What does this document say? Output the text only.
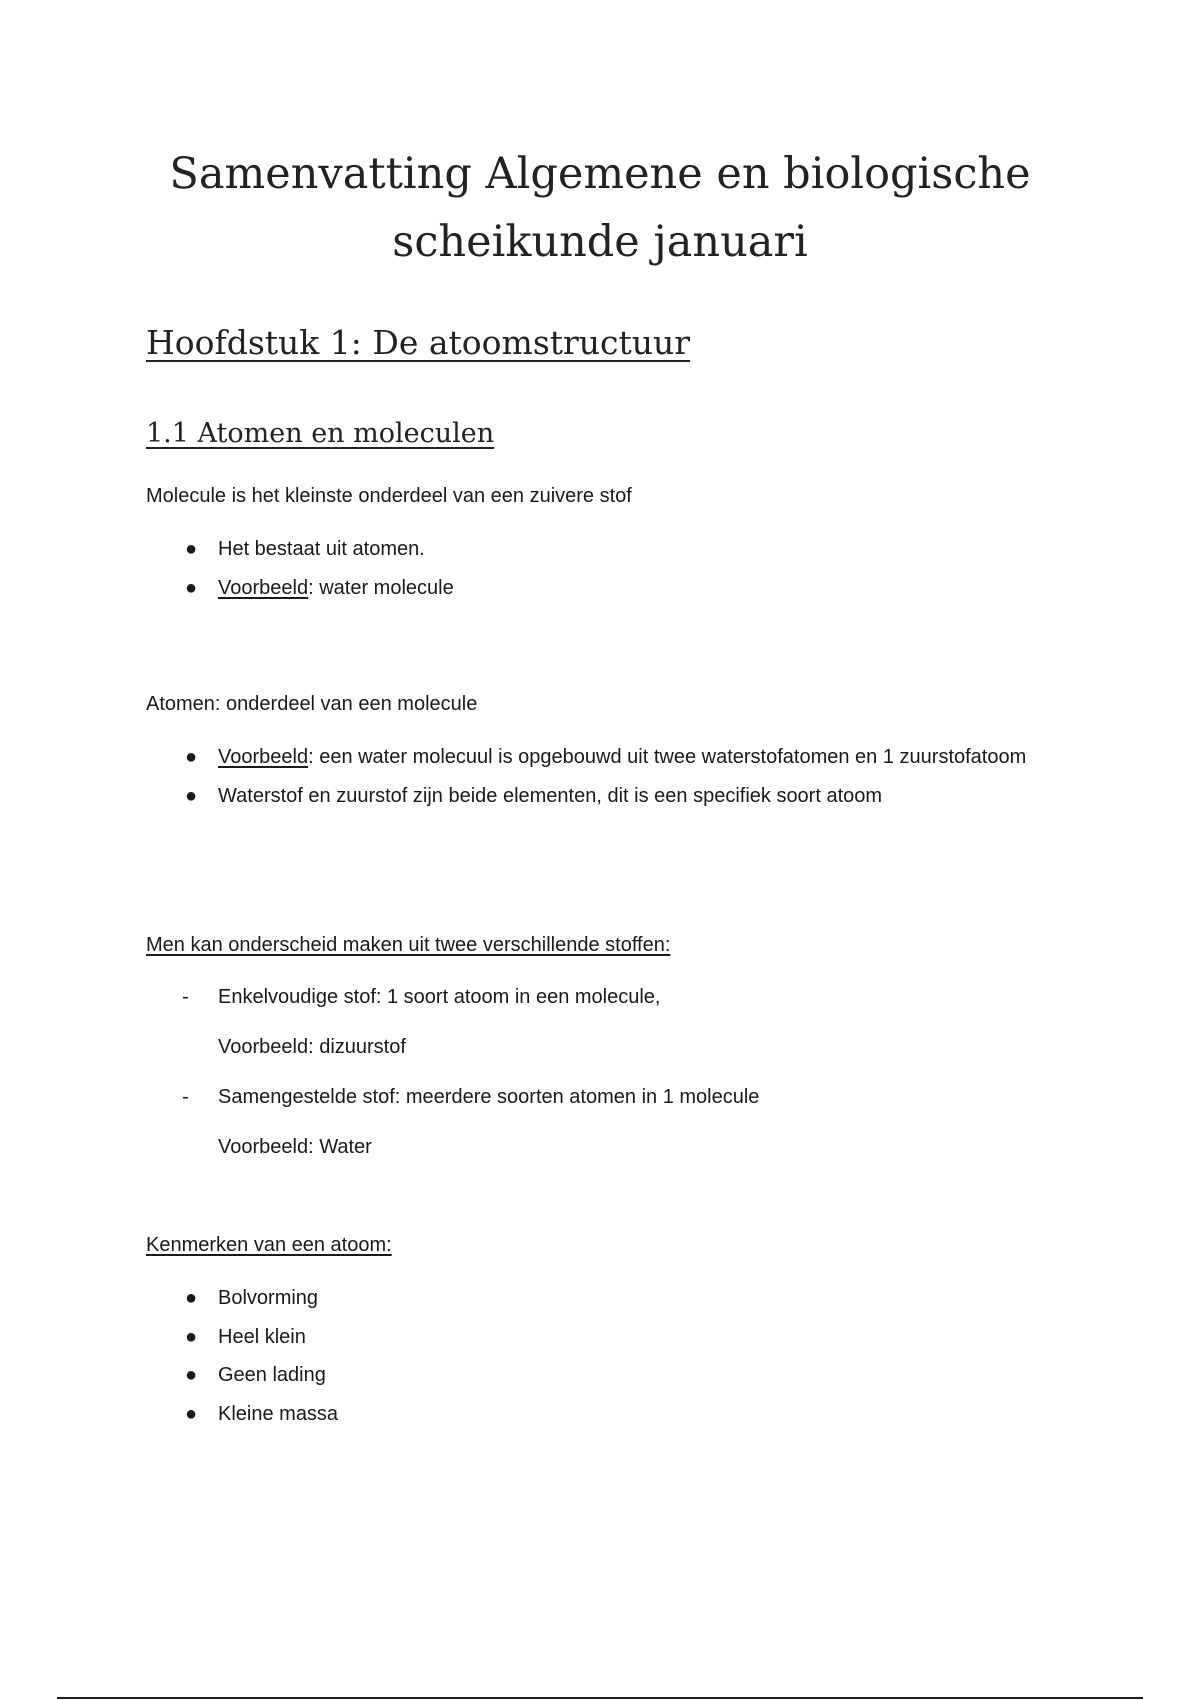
Samenvatting Algemene en biologische scheikunde januari
Hoofdstuk 1: De atoomstructuur
1.1 Atomen en moleculen

Molecule is het kleinste onderdeel van een zuivere stof

● Het bestaat uit atomen.
● Voorbeeld: water molecule

Atomen: onderdeel van een molecule

● Voorbeeld: een water molecuul is opgebouwd uit twee waterstofatomen en 1 zuurstofatoom
● Waterstof en zuurstof zijn beide elementen, dit is een specifiek soort atoom

Men kan onderscheid maken uit twee verschillende stoffen:

- Enkelvoudige stof: 1 soort atoom in een molecule,
Voorbeeld: dizuurstof
- Samengestelde stof: meerdere soorten atomen in 1 molecule
Voorbeeld: Water

Kenmerken van een atoom:

● Bolvorming
● Heel klein
● Geen lading
● Kleine massa
